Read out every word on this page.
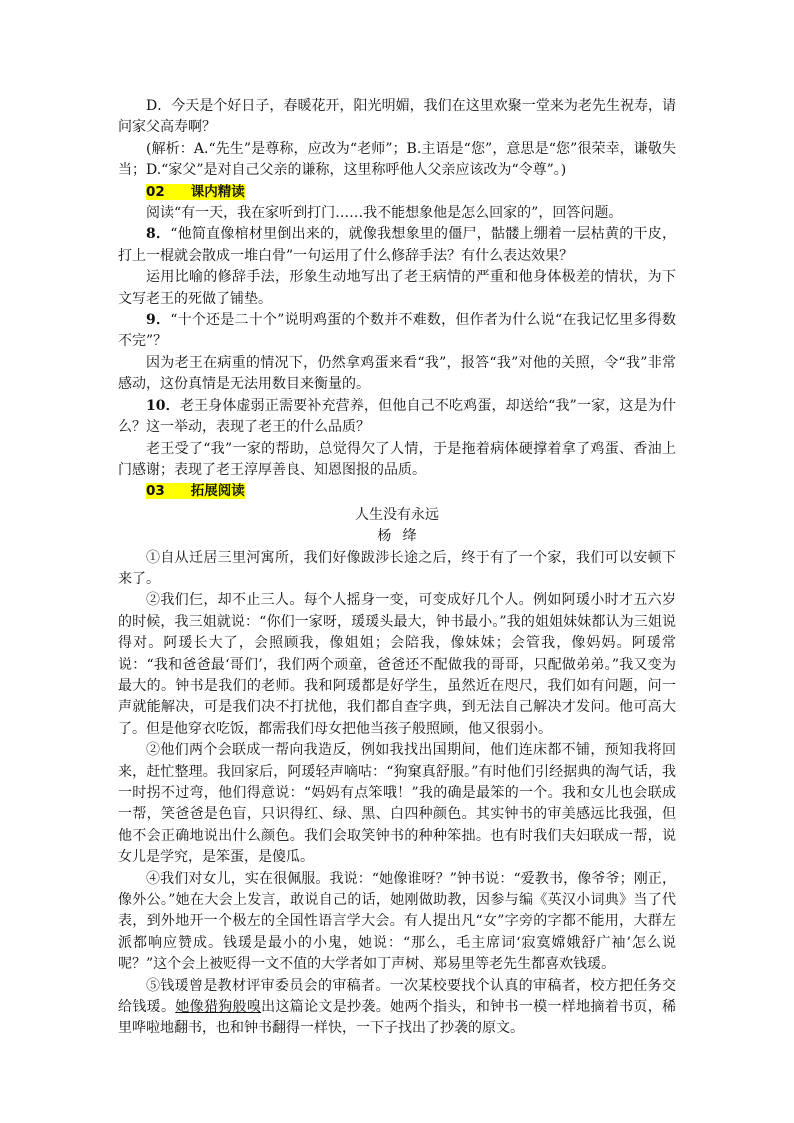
D．今天是个好日子，春暖花开，阳光明媚，我们在这里欢聚一堂来为老先生祝寿，请问家父高寿啊？

(解析：A.“先生”是尊称，应改为“老师”；B.主语是“您”，意思是“您”很荣幸，谦敬失当；D.“家父”是对自己父亲的谦称，这里称呼他人父亲应该改为“令尊”。)

02 课内精读

阅读“有一天，我在家听到打门……我不能想象他是怎么回家的”，回答问题。

8．“他简直像棺材里倒出来的，就像我想象里的僵尸，骷髅上绷着一层枯黄的干皮，打上一棍就会散成一堆白骨”一句运用了什么修辞手法？有什么表达效果？

运用比喻的修辞手法，形象生动地写出了老王病情的严重和他身体极差的情状，为下文写老王的死做了铺垫。

9．“十个还是二十个”说明鸡蛋的个数并不难数，但作者为什么说“在我记忆里多得数不完”？

因为老王在病重的情况下，仍然拿鸡蛋来看“我”，报答“我”对他的关照，令“我”非常感动，这份真情是无法用数目来衡量的。

10．老王身体虚弱正需要补充营养，但他自己不吃鸡蛋，却送给“我”一家，这是为什么？这一举动，表现了老王的什么品质？

老王受了“我”一家的帮助，总觉得欠了人情，于是拖着病体硬撑着拿了鸡蛋、香油上门感谢；表现了老王淳厚善良、知恩图报的品质。

03 拓展阅读

人生没有永远

杨绛

①自从迁居三里河寓所，我们好像跋涉长途之后，终于有了一个家，我们可以安顿下来了。

②我们仨，却不止三人。每个人摇身一变，可变成好几个人。例如阿瑗小时才五六岁的时候，我三姐就说：“你们一家呀，瑗瑗头最大，钟书最小。”我的姐姐妹妹都认为三姐说得对。阿瑗长大了，会照顾我，像姐姐；会陪我，像妹妹；会管我，像妈妈。阿瑗常说：“我和爸爸最‘哥们’，我们两个顽童，爸爸还不配做我的哥哥，只配做弟弟。”我又变为最大的。钟书是我们的老师。我和阿瑗都是好学生，虽然近在咫尺，我们如有问题，问一声就能解决，可是我们决不打扰他，我们都自查字典，到无法自己解决才发问。他可高大了。但是他穿衣吃饭，都需我们母女把他当孩子般照顾，他又很弱小。

②他们两个会联成一帮向我造反，例如我找出国期间，他们连床都不铺，预知我将回来，赶忙整理。我回家后，阿瑗轻声嘀咕：“狗窠真舒服。”有时他们引经据典的淘气话，我一时拐不过弯，他们得意说：“妈妈有点笨哦！”我的确是最笨的一个。我和女儿也会联成一帮，笑爸爸是色盲，只识得红、绿、黑、白四种颜色。其实钟书的审美感远比我强，但他不会正确地说出什么颜色。我们会取笑钟书的种种笨拙。也有时我们夫妇联成一帮，说女儿是学究，是笨蛋，是傻瓜。

④我们对女儿，实在很佩服。我说：“她像谁呀？”钟书说：“爱教书，像爷爷；刚正，像外公。”她在大会上发言，敢说自己的话，她刚做助教，因参与编《英汉小词典》当了代表，到外地开一个极左的全国性语言学大会。有人提出凡“女”字旁的字都不能用，大群左派都响应赞成。钱瑗是最小的小鬼，她说：“那么，毛主席词‘寂寞嫦娥舒广袖’怎么说呢？”这个会上被贬得一文不值的大学者如丁声树、郑易里等老先生都喜欢钱瑗。

⑤钱瑗曾是教材评审委员会的审稿者。一次某校要找个认真的审稿者，校方把任务交给钱瑗。她像猎狗般嗅出这篇论文是抄袭。她两个指头，和钟书一模一样地摘着书页，稀里哗啦地翻书，也和钟书翻得一样快，一下子找出了抄袭的原文。
